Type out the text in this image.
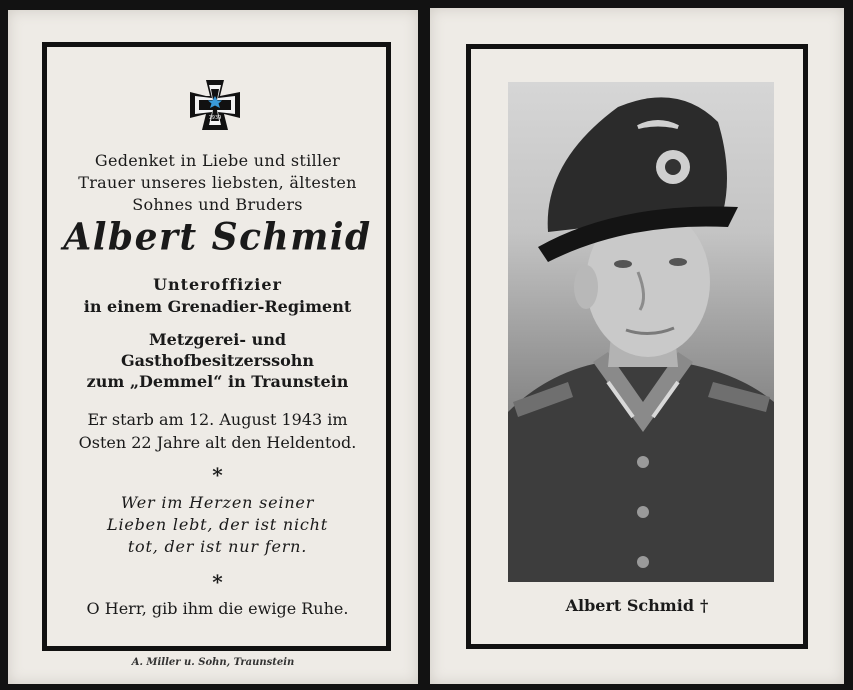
1939
Gedenket in Liebe und stiller
Trauer unseres liebsten, ältesten
Sohnes und Bruders
Albert Schmid
Unteroffizier
in einem Grenadier-Regiment
Metzgerei- und
Gasthofbesitzerssohn
zum „Demmel“ in Traunstein
Er starb am 12. August 1943 im
Osten 22 Jahre alt den Heldentod.
*
Wer im Herzen seiner
Lieben lebt, der ist nicht
tot, der ist nur fern.
*
O Herr, gib ihm die ewige Ruhe.
A. Miller u. Sohn, Traunstein
Albert Schmid †
